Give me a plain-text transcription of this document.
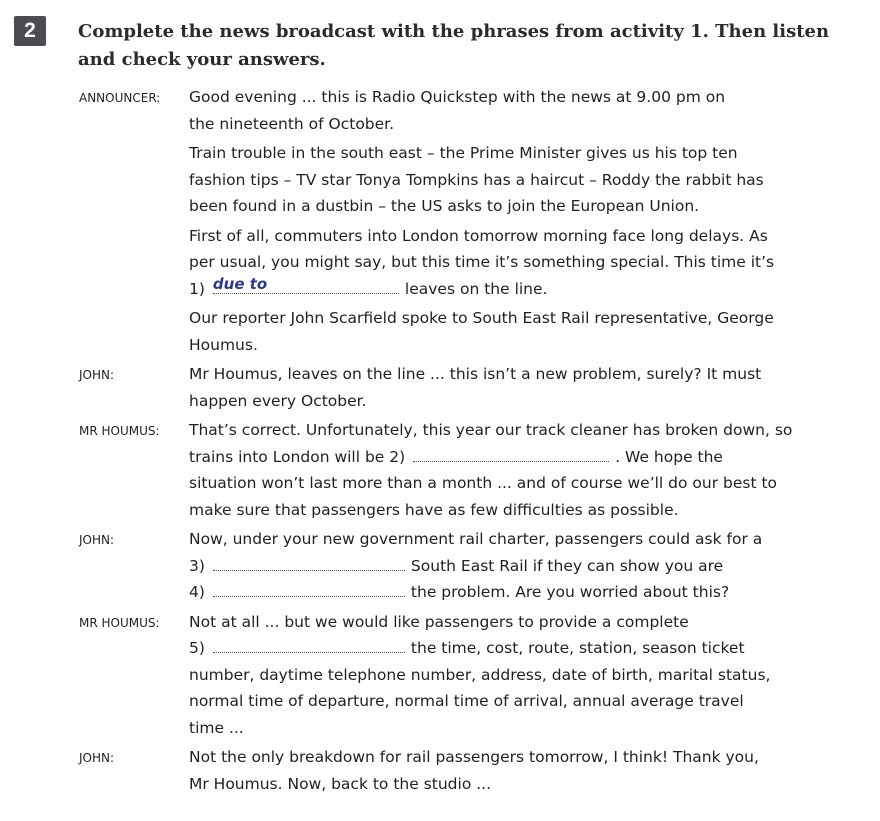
2	Complete the news broadcast with the phrases from activity 1. Then listen
and check your answers.
ANNOUNCER: Good evening ... this is Radio Quickstep with the news at 9.00 pm on
the nineteenth of October.
Train trouble in the south east – the Prime Minister gives us his top ten
fashion tips – TV star Tonya Tompkins has a haircut – Roddy the rabbit has
been found in a dustbin – the US asks to join the European Union.
First of all, commuters into London tomorrow morning face long delays. As
per usual, you might say, but this time it’s something special. This time it’s
1) due to	leaves on the line.
Our reporter John Scarfield spoke to South East Rail representative, George
Houmus.
JOHN:	Mr Houmus, leaves on the line ... this isn’t a new problem, surely? It must
happen every October.
MR HOUMUS: That’s correct. Unfortunately, this year our track cleaner has broken down, so
trains into London will be 2)	. We hope the
situation won’t last more than a month ... and of course we’ll do our best to
make sure that passengers have as few difficulties as possible.
JOHN:	Now, under your new government rail charter, passengers could ask for a
3)	South East Rail if they can show you are
4)	the problem. Are you worried about this?
MR HOUMUS: Not at all ... but we would like passengers to provide a complete
5)	the time, cost, route, station, season ticket
number, daytime telephone number, address, date of birth, marital status,
normal time of departure, normal time of arrival, annual average travel
time ...
JOHN:	Not the only breakdown for rail passengers tomorrow, I think! Thank you,
Mr Houmus. Now, back to the studio ...
